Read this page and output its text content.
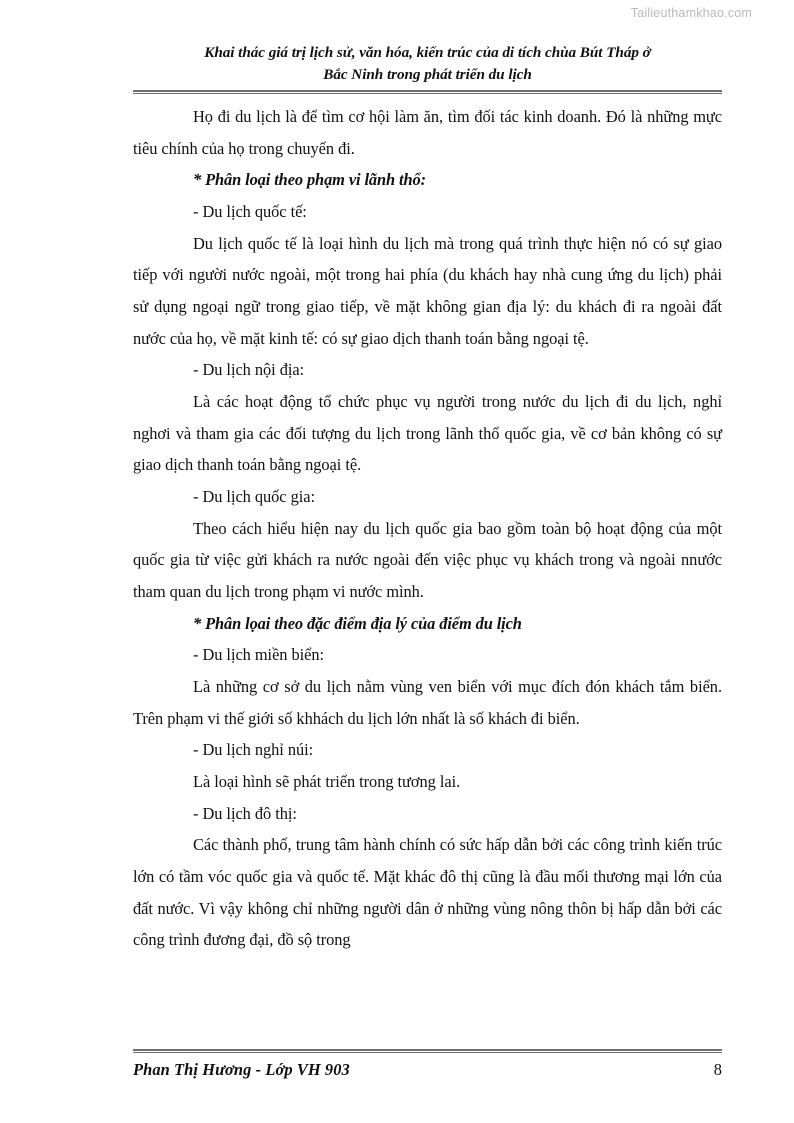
Tailieuthamkhao.com
Khai thác giá trị lịch sử, văn hóa, kiến trúc của di tích chùa Bút Tháp ở
Bắc Ninh trong phát triển du lịch

Họ đi du lịch là để tìm cơ hội làm ăn, tìm đối tác kinh doanh. Đó là những mực tiêu chính của họ trong chuyến đi.

* Phân loại theo phạm vi lãnh thổ:

- Du lịch quốc tế:

Du lịch quốc tế là loại hình du lịch mà trong quá trình thực hiện nó có sự giao tiếp với người nước ngoài, một trong hai phía (du khách hay nhà cung ứng du lịch) phải sử dụng ngoại ngữ trong giao tiếp, về mặt không gian địa lý: du khách đi ra ngoài đất nước của họ, về mặt kinh tế: có sự giao dịch thanh toán bằng ngoại tệ.

- Du lịch nội địa:

Là các hoạt động tổ chức phục vụ người trong nước du lịch đi du lịch, nghỉ nghơi và tham gia các đối tượng du lịch trong lãnh thổ quốc gia, về cơ bản không có sự giao dịch thanh toán bằng ngoại tệ.

- Du lịch quốc gia:

Theo cách hiểu hiện nay du lịch quốc gia bao gồm toàn bộ hoạt động của một quốc gia từ việc gửi khách ra nước ngoài đến việc phục vụ khách trong và ngoài nnước tham quan du lịch trong phạm vi nước mình.

* Phân lọai theo đặc điểm địa lý của điểm du lịch

- Du lịch miền biển:

Là những cơ sở du lịch nằm vùng ven biển với mục đích đón khách tắm biển. Trên phạm vi thế giới số khhách du lịch lớn nhất là số khách đi biển.

- Du lịch nghỉ núi:

Là loại hình sẽ phát triển trong tương lai.

- Du lịch đô thị:

Các thành phố, trung tâm hành chính có sức hấp dẫn bởi các công trình kiến trúc lớn có tầm vóc quốc gia và quốc tế. Mặt khác đô thị cũng là đầu mối thương mại lớn của đất nước. Vì vậy không chỉ những người dân ở những vùng nông thôn bị hấp dẫn bởi các công trình đương đại, đồ sộ trong

Phan Thị Hương - Lớp VH 903	8
